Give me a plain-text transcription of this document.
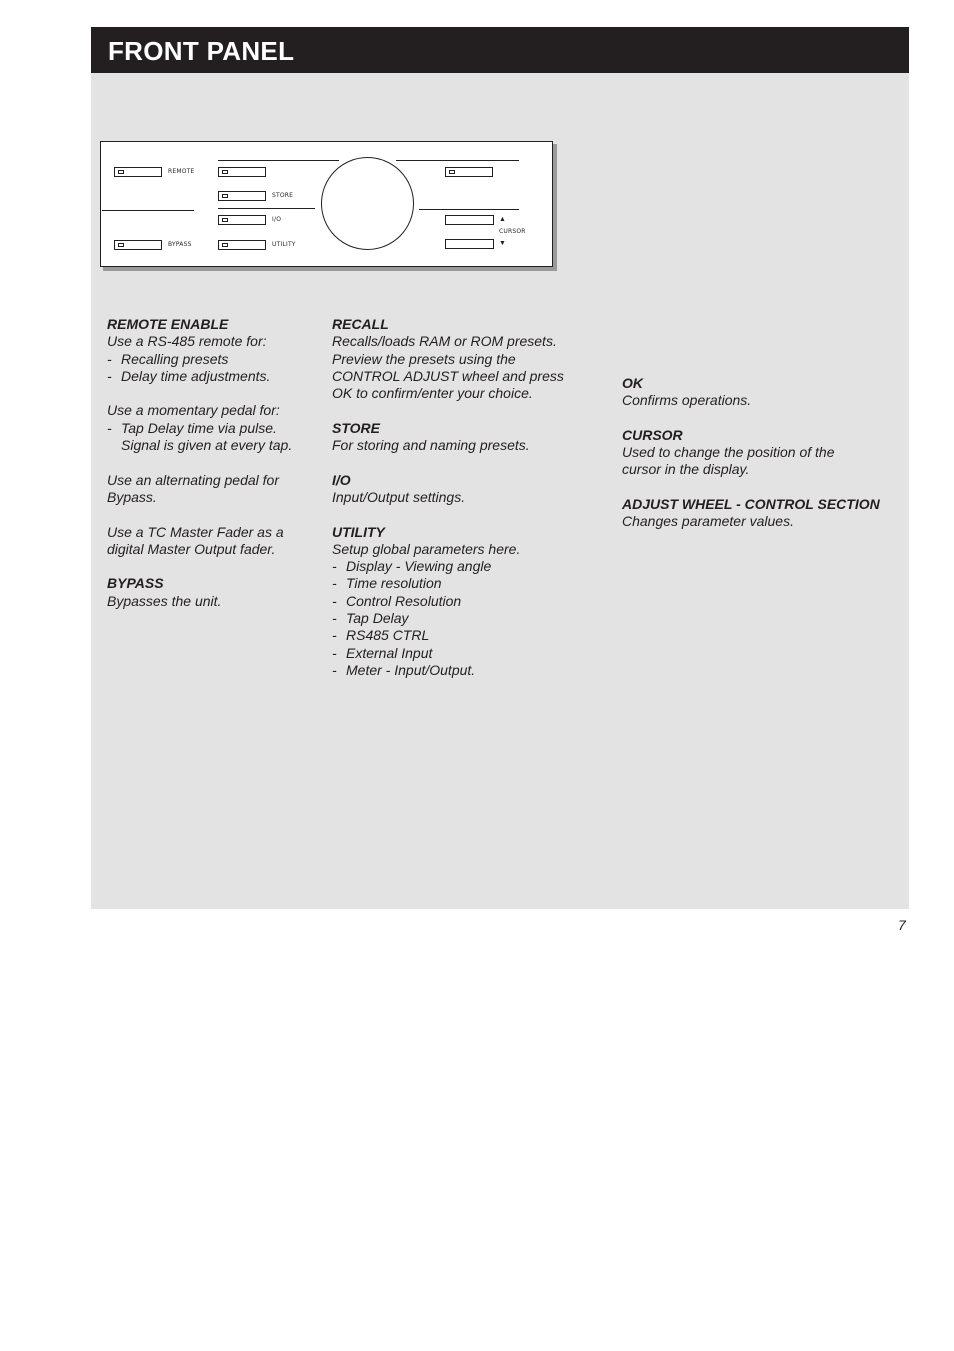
FRONT PANEL
REMOTE
BYPASS
STORE
I/O
UTILITY
▲
CURSOR
▼
REMOTE ENABLE
Use a RS-485 remote for:
- Recalling presets
- Delay time adjustments.
Use a momentary pedal for:
- Tap Delay time via pulse.
Signal is given at every tap.
Use an alternating pedal for
Bypass.
Use a TC Master Fader as a
digital Master Output fader.
BYPASS
Bypasses the unit.
RECALL
Recalls/loads RAM or ROM presets.
Preview the presets using the
CONTROL ADJUST wheel and press
OK to confirm/enter your choice.
STORE
For storing and naming presets.
I/O
Input/Output settings.
UTILITY
Setup global parameters here.
- Display - Viewing angle
- Time resolution
- Control Resolution
- Tap Delay
- RS485 CTRL
- External Input
- Meter - Input/Output.
OK
Confirms operations.
CURSOR
Used to change the position of the
cursor in the display.
ADJUST WHEEL - CONTROL SECTION
Changes parameter values.
7
